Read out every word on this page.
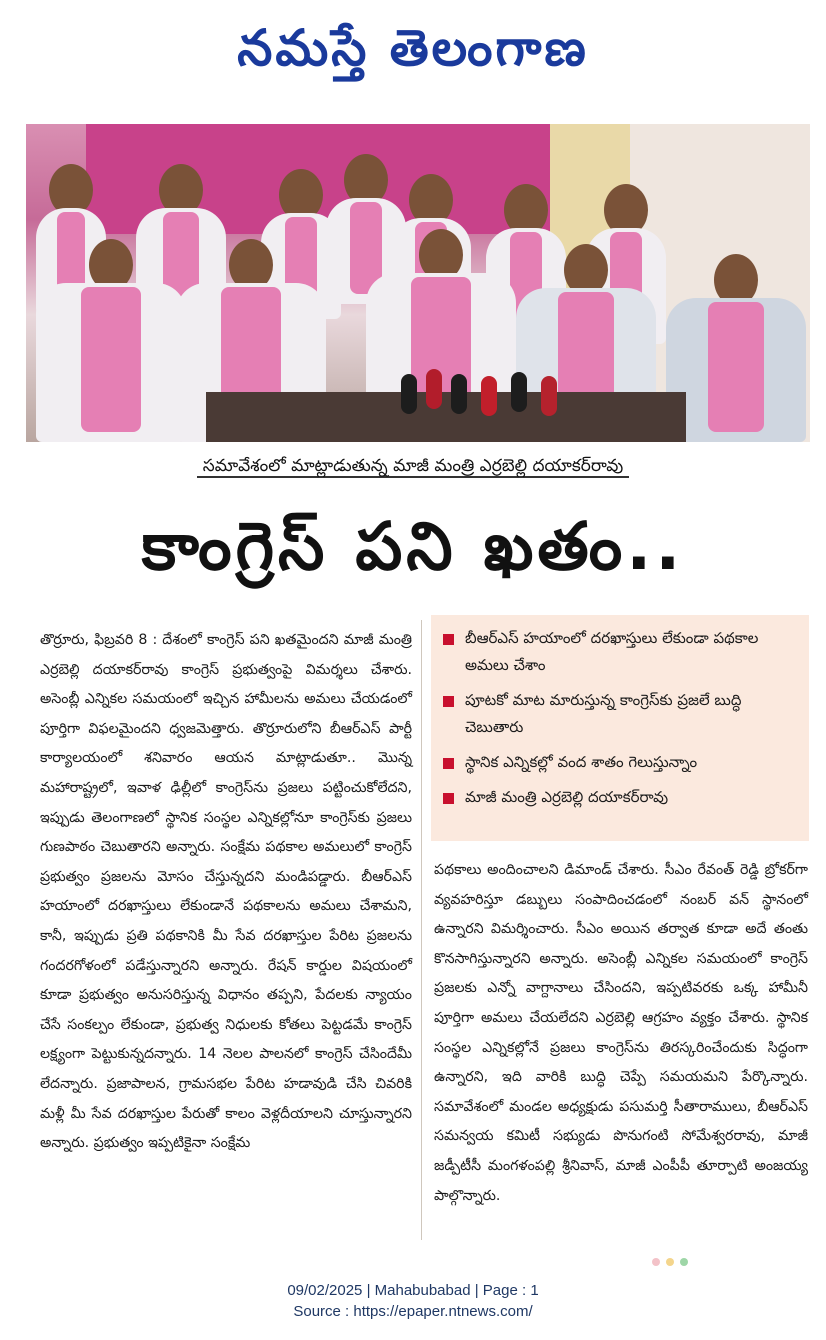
నమస్తే తెలంగాణ
సమావేశంలో మాట్లాడుతున్న మాజీ మంత్రి ఎర్రబెల్లి దయాకర్‌రావు
కాంగ్రెస్‌ పని ఖతం..
తొర్రూరు, ఫిబ్రవరి 8 : దేశంలో కాంగ్రెస్‌ పని ఖతమైందని మాజీ మంత్రి ఎర్రబెల్లి దయాకర్‌రావు కాంగ్రెస్‌ ప్రభుత్వంపై విమర్శలు చేశారు. అసెంబ్లీ ఎన్నికల సమయంలో ఇచ్చిన హామీలను అమలు చేయడంలో పూర్తిగా విఫలమైందని ధ్వజమెత్తారు. తొర్రూరులోని బీఆర్‌ఎస్‌ పార్టీ కార్యాలయంలో శనివారం ఆయన మాట్లాడుతూ.. మొన్న మహారాష్ట్రలో, ఇవాళ ఢిల్లీలో కాంగ్రెస్‌ను ప్రజలు పట్టించుకోలేదని, ఇప్పుడు తెలంగాణలో స్థానిక సంస్థల ఎన్నికల్లోనూ కాంగ్రెస్‌కు ప్రజలు గుణపాఠం చెబుతారని అన్నారు. సంక్షేమ పథకాల అమలులో కాంగ్రెస్‌ ప్రభుత్వం ప్రజలను మోసం చేస్తున్నదని మండిపడ్డారు. బీఆర్‌ఎస్‌ హయాంలో దరఖాస్తులు లేకుండానే పథకాలను అమలు చేశామని, కానీ, ఇప్పుడు ప్రతి పథకానికి మీ సేవ దరఖాస్తుల పేరిట ప్రజలను గందరగోళంలో పడేస్తున్నారని అన్నారు. రేషన్‌ కార్డుల విషయంలో కూడా ప్రభుత్వం అనుసరిస్తున్న విధానం తప్పని, పేదలకు న్యాయం చేసే సంకల్పం లేకుండా, ప్రభుత్వ నిధులకు కోతలు పెట్టడమే కాంగ్రెస్‌ లక్ష్యంగా పెట్టుకున్నదన్నారు. 14 నెలల పాలనలో కాంగ్రెస్‌ చేసిందేమీ లేదన్నారు. ప్రజాపాలన, గ్రామసభల పేరిట హడావుడి చేసి చివరికి మళ్లీ మీ సేవ దరఖాస్తుల పేరుతో కాలం వెళ్లదీయాలని చూస్తున్నారని అన్నారు. ప్రభుత్వం ఇప్పటికైనా సంక్షేమ
బీఆర్‌ఎస్‌ హయాంలో దరఖాస్తులు లేకుండా పథకాల అమలు చేశాం
పూటకో మాట మారుస్తున్న కాంగ్రెస్‌కు ప్రజలే బుద్ధి చెబుతారు
స్థానిక ఎన్నికల్లో వంద శాతం గెలుస్తున్నాం
మాజీ మంత్రి ఎర్రబెల్లి దయాకర్‌రావు
పథకాలు అందించాలని డిమాండ్‌ చేశారు. సీఎం రేవంత్‌ రెడ్డి బ్రోకర్‌గా వ్యవహరిస్తూ డబ్బులు సంపాదించడంలో నంబర్‌ వన్‌ స్థానంలో ఉన్నారని విమర్శించారు. సీఎం అయిన తర్వాత కూడా అదే తంతు కొనసాగిస్తున్నారని అన్నారు. అసెంబ్లీ ఎన్నికల సమయంలో కాంగ్రెస్‌ ప్రజలకు ఎన్నో వాగ్దానాలు చేసిందని, ఇప్పటివరకు ఒక్క హామీనీ పూర్తిగా అమలు చేయలేదని ఎర్రబెల్లి ఆగ్రహం వ్యక్తం చేశారు. స్థానిక సంస్థల ఎన్నికల్లోనే ప్రజలు కాంగ్రెస్‌ను తిరస్కరించేందుకు సిద్ధంగా ఉన్నారని, ఇది వారికి బుద్ధి చెప్పే సమయమని పేర్కొన్నారు. సమావేశంలో మండల అధ్యక్షుడు పసుమర్తి సీతారాములు, బీఆర్‌ఎస్‌ సమన్వయ కమిటీ సభ్యుడు పొనుగంటి సోమేశ్వరరావు, మాజీ జడ్పీటీసీ మంగళంపల్లి శ్రీనివాస్‌, మాజీ ఎంపీపీ తూర్పాటి అంజయ్య పాల్గొన్నారు.
09/02/2025 | Mahabubabad | Page : 1
Source : https://epaper.ntnews.com/
